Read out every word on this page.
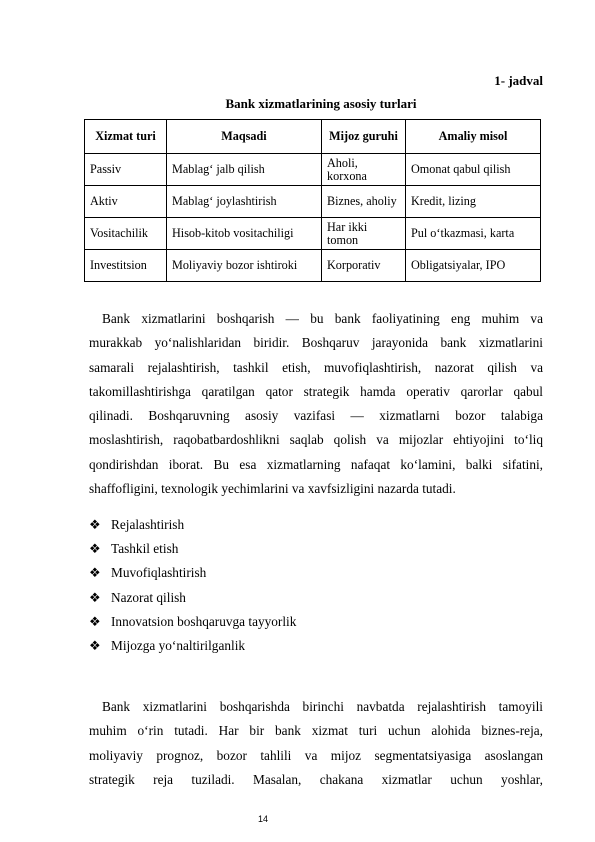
1- jadval
Bank xizmatlarining asosiy turlari
Xizmat turi	Maqsadi	Mijoz guruhi	Amaliy misol
Passiv	Mablag‘ jalb qilish	Aholi, korxona	Omonat qabul qilish
Aktiv	Mablag‘ joylashtirish	Biznes, aholiy	Kredit, lizing
Vositachilik	Hisob-kitob vositachiligi	Har ikki tomon	Pul o‘tkazmasi, karta
Investitsion	Moliyaviy bozor ishtiroki	Korporativ	Obligatsiyalar, IPO
Bank xizmatlarini boshqarish — bu bank faoliyatining eng muhim va
murakkab yo‘nalishlaridan biridir. Boshqaruv jarayonida bank xizmatlarini
samarali rejalashtirish, tashkil etish, muvofiqlashtirish, nazorat qilish va
takomillashtirishga qaratilgan qator strategik hamda operativ qarorlar qabul
qilinadi. Boshqaruvning asosiy vazifasi — xizmatlarni bozor talabiga
moslashtirish, raqobatbardoshlikni saqlab qolish va mijozlar ehtiyojini to‘liq
qondirishdan iborat. Bu esa xizmatlarning nafaqat ko‘lamini, balki sifatini,
shaffofligini, texnologik yechimlarini va xavfsizligini nazarda tutadi.
❖ Rejalashtirish
❖ Tashkil etish
❖ Muvofiqlashtirish
❖ Nazorat qilish
❖ Innovatsion boshqaruvga tayyorlik
❖ Mijozga yo‘naltirilganlik
Bank xizmatlarini boshqarishda birinchi navbatda rejalashtirish tamoyili
muhim o‘rin tutadi. Har bir bank xizmat turi uchun alohida biznes-reja,
moliyaviy prognoz, bozor tahlili va mijoz segmentatsiyasiga asoslangan
strategik reja tuziladi. Masalan, chakana xizmatlar uchun yoshlar,
14
